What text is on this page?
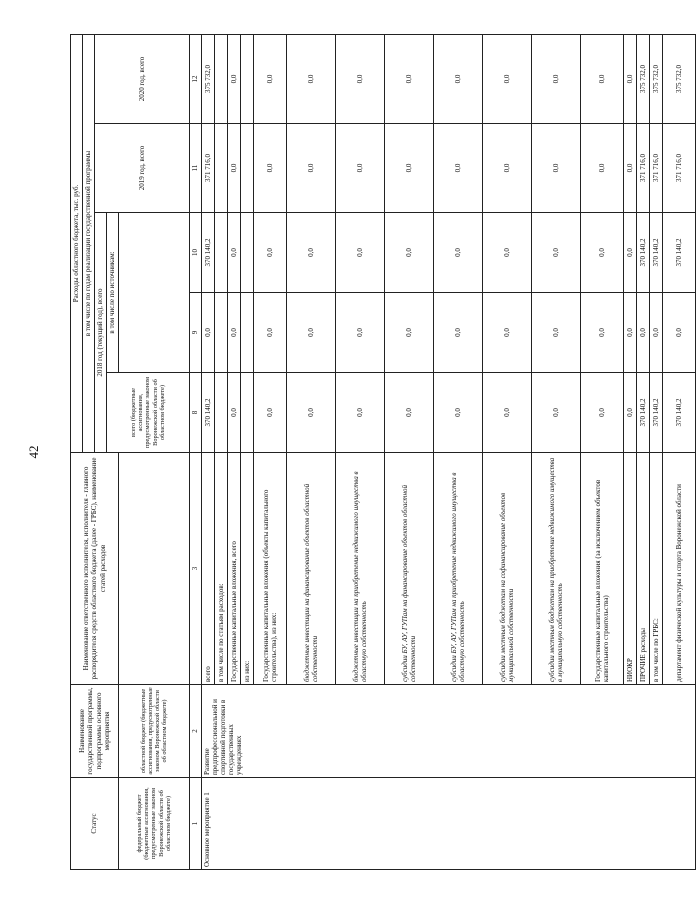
42
Статус	Наименование государственной программы, подпрограммы основного мероприятия	Наименование ответственного исполнителя, исполнителя - главного распорядителя средств областного бюджета (далее - ГРБС), наименование статей расходов	Расходы областного бюджета, тыс. руб.				
			в том числе по годам реализации государственной программы				
			2018 год (текущий год), всего			2019 год, всего	2020 год, всего
			всего (бюджетные ассигнования, предусмотренные законом Воронежской области об областном бюджете)	в том числе по источникам:			
федеральный бюджет (бюджетные ассигнования, предусмотренные законом Воронежской области об областном бюджете)	областной бюджет (бюджетные ассигнования, предусмотренные законом Воронежской области об областном бюджете)						
1	2	3	8	9	10	11	12
Основное мероприятие 1	Развитие предпрофессиональной и спортивной подготовки в государственных учреждениях	всего	370 140,2	0,0	370 140,2	371 716,0	375 732,0
		в том числе по статьям расходов:					
		Государственные капитальные вложения, всего	0,0	0,0	0,0	0,0	0,0
		из них:					
		Государственные капитальные вложения (объекты капитального строительства), из них:	0,0	0,0	0,0	0,0	0,0
		бюджетные инвестиции на финансирование объектов областной собственности	0,0	0,0	0,0	0,0	0,0
		бюджетные инвестиции на приобретение недвижимого имущества в областную собственность	0,0	0,0	0,0	0,0	0,0
		субсидии БУ, АУ, ГУПам на финансирование объектов областной собственности	0,0	0,0	0,0	0,0	0,0
		субсидии БУ, АУ, ГУПам на приобретение недвижимого имущества в областную собственность	0,0	0,0	0,0	0,0	0,0
		субсидии местным бюджетам на софинансирование объектов муниципальной собственности	0,0	0,0	0,0	0,0	0,0
		субсидии местным бюджетам на приобретение недвижимого имущества в муниципальную собственность	0,0	0,0	0,0	0,0	0,0
		Государственные капитальные вложения (за исключением объектов капитального строительства)	0,0	0,0	0,0	0,0	0,0
		НИОКР	0,0	0,0	0,0	0,0	0,0
		ПРОЧИЕ расходы	370 140,2	0,0	370 140,2	371 716,0	375 732,0
		в том числе по ГРБС:	370 140,2	0,0	370 140,2	371 716,0	375 732,0
		департамент физической культуры и спорта Воронежской области	370 140,2	0,0	370 140,2	371 716,0	375 732,0
